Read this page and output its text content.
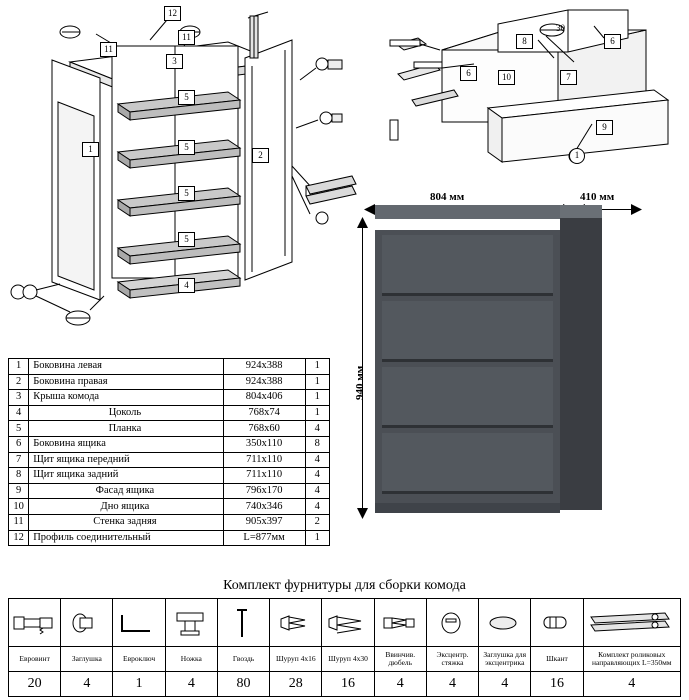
12
11
11
3
5
5
5
5
1
2
4
8
30
6
6	10	7
9
1
804 мм	410 мм
940 мм
1	Боковина левая	924х388	1
2	Боковина правая	924х388	1
3	Крыша комода	804х406	1
4	Цоколь	768х74	1
5	Планка	768х60	4
6	Боковина ящика	350х110	8
7	Щит ящика передний	711х110	4
8	Щит ящика задний	711х110	4
9	Фасад ящика	796х170	4
10	Дно ящика	740х346	4
11	Стенка задняя	905х397	2
12	Профиль соединительный	L=877мм	1
Комплект фурнитуры для сборки комода

Евровинт	Заглушка	Евроключ	Ножка	Гвоздь	Шуруп 4х16	Шуруп 4х30	Ввинчив. дюбель	Эксцентр. стяжка	Заглушка для эксцентрика	Шкант	Комплект роликовых направляющих L=350мм
20	4	1	4	80	28	16	4	4	4	16	4
